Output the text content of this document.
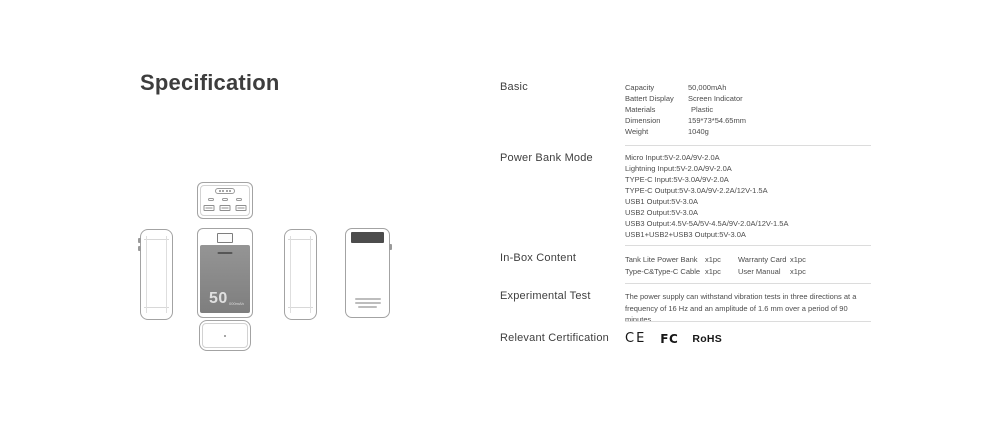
Specification
50 000mAh
Basic	Capacity	50,000mAh
Battert Display	Screen Indicator
Materials	Plastic
Dimension	159*73*54.65mm
Weight	1040g
Power Bank Mode	Micro Input:5V-2.0A/9V-2.0A
Lightning Input:5V-2.0A/9V-2.0A
TYPE-C Input:5V-3.0A/9V-2.0A
TYPE-C Output:5V-3.0A/9V-2.2A/12V-1.5A
USB1 Output:5V-3.0A
USB2 Output:5V-3.0A
USB3 Output:4.5V-5A/5V-4.5A/9V-2.0A/12V-1.5A
USB1+USB2+USB3 Output:5V-3.0A
In-Box Content	Tank Lite Power Bank x1pc	Warranty Card x1pc
Type-C&Type-C Cable x1pc	User Manual	x1pc
Experimental Test	The power supply can withstand vibration tests in three directions at a frequency of 16 Hz and an amplitude of 1.6 mm over a period of 90 minutes.
Relevant Certification CE FC RoHS
